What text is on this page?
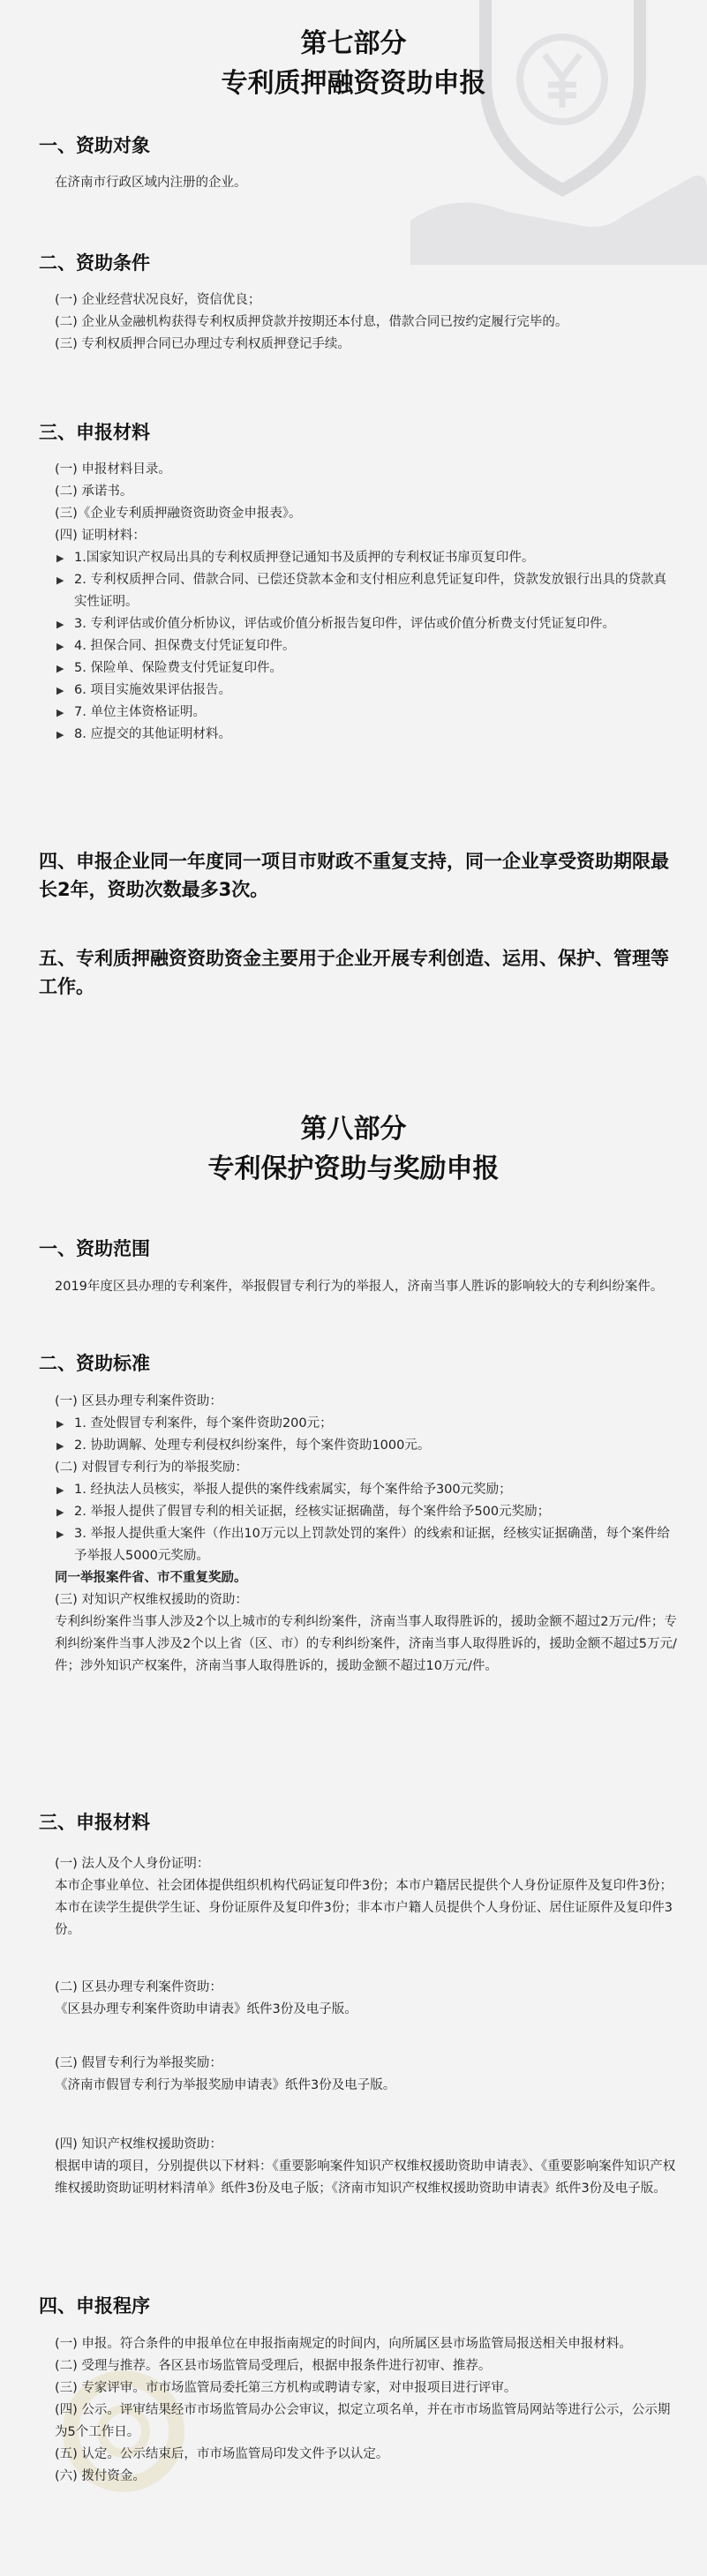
第七部分
专利质押融资资助申报
一、资助对象
在济南市行政区域内注册的企业。
二、资助条件

(一) 企业经营状况良好，资信优良；

(二) 企业从金融机构获得专利权质押贷款并按期还本付息，借款合同已按约定履行完毕的。

(三) 专利权质押合同已办理过专利权质押登记手续。

三、申报材料

(一) 申报材料目录。

(二) 承诺书。

(三)《企业专利质押融资资助资金申报表》。

(四) 证明材料：

▶ 1.国家知识产权局出具的专利权质押登记通知书及质押的专利权证书扉页复印件。

▶ 2. 专利权质押合同、借款合同、已偿还贷款本金和支付相应利息凭证复印件，贷款发放银行出具的贷款真实性证明。

▶ 3. 专利评估或价值分析协议，评估或价值分析报告复印件，评估或价值分析费支付凭证复印件。

▶ 4. 担保合同、担保费支付凭证复印件。

▶ 5. 保险单、保险费支付凭证复印件。

▶ 6. 项目实施效果评估报告。

▶ 7. 单位主体资格证明。

▶ 8. 应提交的其他证明材料。

四、申报企业同一年度同一项目市财政不重复支持，同一企业享受资助期限最长2年，资助次数最多3次。
五、专利质押融资资助资金主要用于企业开展专利创造、运用、保护、管理等工作。
第八部分
专利保护资助与奖励申报
一、资助范围
2019年度区县办理的专利案件，举报假冒专利行为的举报人，济南当事人胜诉的影响较大的专利纠纷案件。
二、资助标准

(一) 区县办理专利案件资助：

▶ 1. 查处假冒专利案件，每个案件资助200元；

▶ 2. 协助调解、处理专利侵权纠纷案件，每个案件资助1000元。

(二) 对假冒专利行为的举报奖励：

▶ 1. 经执法人员核实，举报人提供的案件线索属实，每个案件给予300元奖励；

▶ 2. 举报人提供了假冒专利的相关证据，经核实证据确凿，每个案件给予500元奖励；

▶ 3. 举报人提供重大案件（作出10万元以上罚款处罚的案件）的线索和证据，经核实证据确凿，每个案件给予举报人5000元奖励。

同一举报案件省、市不重复奖励。

(三) 对知识产权维权援助的资助：

专利纠纷案件当事人涉及2个以上城市的专利纠纷案件，济南当事人取得胜诉的，援助金额不超过2万元/件；专利纠纷案件当事人涉及2个以上省（区、市）的专利纠纷案件，济南当事人取得胜诉的，援助金额不超过5万元/件；涉外知识产权案件，济南当事人取得胜诉的，援助金额不超过10万元/件。

三、申报材料

(一) 法人及个人身份证明：

本市企事业单位、社会团体提供组织机构代码证复印件3份；本市户籍居民提供个人身份证原件及复印件3份；本市在读学生提供学生证、身份证原件及复印件3份；非本市户籍人员提供个人身份证、居住证原件及复印件3份。

(二) 区县办理专利案件资助：

《区县办理专利案件资助申请表》纸件3份及电子版。

(三) 假冒专利行为举报奖励：

《济南市假冒专利行为举报奖励申请表》纸件3份及电子版。

(四) 知识产权维权援助资助：

根据申请的项目，分别提供以下材料：《重要影响案件知识产权维权援助资助申请表》、《重要影响案件知识产权维权援助资助证明材料清单》纸件3份及电子版；《济南市知识产权维权援助资助申请表》纸件3份及电子版。

四、申报程序

(一) 申报。符合条件的申报单位在申报指南规定的时间内，向所属区县市场监管局报送相关申报材料。

(二) 受理与推荐。各区县市场监管局受理后，根据申报条件进行初审、推荐。

(三) 专家评审。市市场监管局委托第三方机构或聘请专家，对申报项目进行评审。

(四) 公示。评审结果经市市场监管局办公会审议，拟定立项名单，并在市市场监管局网站等进行公示，公示期为5个工作日。

(五) 认定。公示结束后，市市场监管局印发文件予以认定。

(六) 拨付资金。
